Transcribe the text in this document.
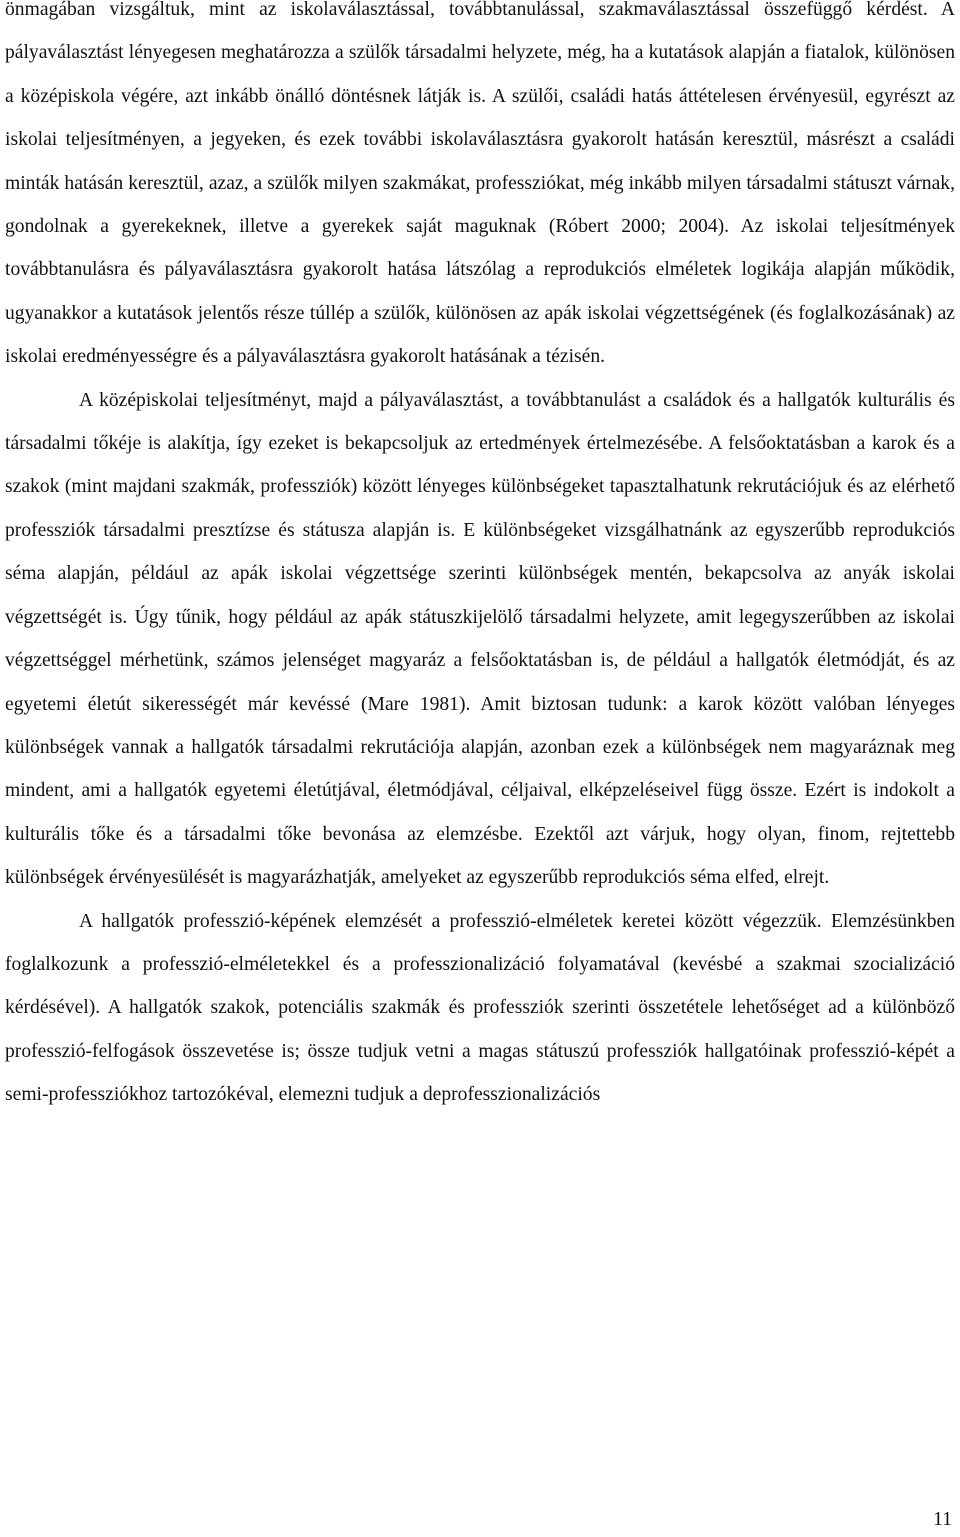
önmagában vizsgáltuk, mint az iskolaválasztással, továbbtanulással, szakmaválasztással összefüggő kérdést. A pályaválasztást lényegesen meghatározza a szülők társadalmi helyzete, még, ha a kutatások alapján a fiatalok, különösen a középiskola végére, azt inkább önálló döntésnek látják is. A szülői, családi hatás áttételesen érvényesül, egyrészt az iskolai teljesítményen, a jegyeken, és ezek további iskolaválasztásra gyakorolt hatásán keresztül, másrészt a családi minták hatásán keresztül, azaz, a szülők milyen szakmákat, professziókat, még inkább milyen társadalmi státuszt várnak, gondolnak a gyerekeknek, illetve a gyerekek saját maguknak (Róbert 2000; 2004). Az iskolai teljesítmények továbbtanulásra és pályaválasztásra gyakorolt hatása látszólag a reprodukciós elméletek logikája alapján működik, ugyanakkor a kutatások jelentős része túllép a szülők, különösen az apák iskolai végzettségének (és foglalkozásának) az iskolai eredményességre és a pályaválasztásra gyakorolt hatásának a tézisén.

A középiskolai teljesítményt, majd a pályaválasztást, a továbbtanulást a családok és a hallgatók kulturális és társadalmi tőkéje is alakítja, így ezeket is bekapcsoljuk az ertedmények értelmezésébe. A felsőoktatásban a karok és a szakok (mint majdani szakmák, professziók) között lényeges különbségeket tapasztalhatunk rekrutációjuk és az elérhető professziók társadalmi presztízse és státusza alapján is. E különbségeket vizsgálhatnánk az egyszerűbb reprodukciós séma alapján, például az apák iskolai végzettsége szerinti különbségek mentén, bekapcsolva az anyák iskolai végzettségét is. Úgy tűnik, hogy például az apák státuszkijelölő társadalmi helyzete, amit legegyszerűbben az iskolai végzettséggel mérhetünk, számos jelenséget magyaráz a felsőoktatásban is, de például a hallgatók életmódját, és az egyetemi életút sikerességét már kevéssé (Mare 1981). Amit biztosan tudunk: a karok között valóban lényeges különbségek vannak a hallgatók társadalmi rekrutációja alapján, azonban ezek a különbségek nem magyaráznak meg mindent, ami a hallgatók egyetemi életútjával, életmódjával, céljaival, elképzeléseivel függ össze. Ezért is indokolt a kulturális tőke és a társadalmi tőke bevonása az elemzésbe. Ezektől azt várjuk, hogy olyan, finom, rejtettebb különbségek érvényesülését is magyarázhatják, amelyeket az egyszerűbb reprodukciós séma elfed, elrejt.

A hallgatók professzió-képének elemzését a professzió-elméletek keretei között végezzük. Elemzésünkben foglalkozunk a professzió-elméletekkel és a professzionalizáció folyamatával (kevésbé a szakmai szocializáció kérdésével). A hallgatók szakok, potenciális szakmák és professziók szerinti összetétele lehetőséget ad a különböző professzió-felfogások összevetése is; össze tudjuk vetni a magas státuszú professziók hallgatóinak professzió-képét a semi-professziókhoz tartozókéval, elemezni tudjuk a deprofesszionalizációs

11
